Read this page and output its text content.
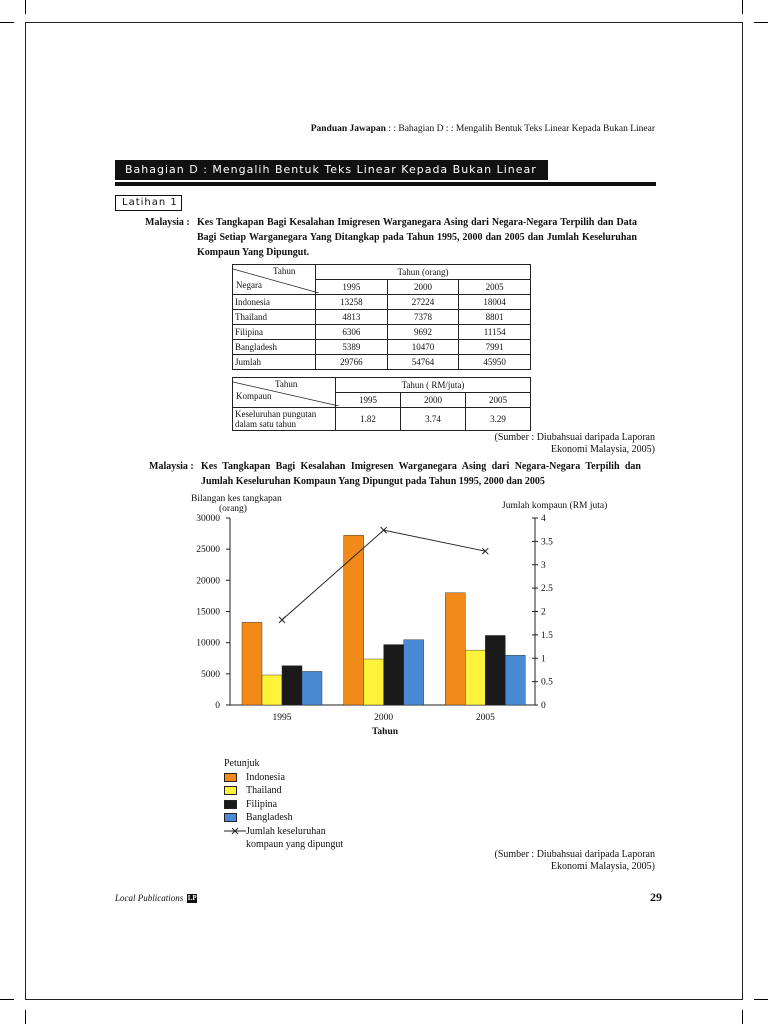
Panduan Jawapan : : Bahagian D : : Mengalih Bentuk Teks Linear Kepada Bukan Linear
Bahagian D : Mengalih Bentuk Teks Linear Kepada Bukan Linear
Latihan 1
Malaysia : Kes Tangkapan Bagi Kesalahan Imigresen Warganegara Asing dari Negara-Negara Terpilih dan Data Bagi Setiap Warganegara Yang Ditangkap pada Tahun 1995, 2000 dan 2005 dan Jumlah Keseluruhan Kompaun Yang Dipungut.
Tahun
Negara	Tahun (orang)		
	1995	2000	2005
Indonesia	13258	27224	18004
Thailand	4813	7378	8801
Filipina	6306	9692	11154
Bangladesh	5389	10470	7991
Jumlah	29766	54764	45950
Tahun
Kompaun	Tahun ( RM/juta)		
	1995	2000	2005
Keseluruhan pungutan
dalam satu tahun	1.82	3.74	3.29
(Sumber : Diubahsuai daripada Laporan
Ekonomi Malaysia, 2005)
Malaysia : Kes Tangkapan Bagi Kesalahan Imigresen Warganegara Asing dari Negara-Negara Terpilih dan Jumlah Keseluruhan Kompaun Yang Dipungut pada Tahun 1995, 2000 dan 2005
Bilangan kes tangkapan
(orang)	Jumlah kompaun (RM juta)
Tahun
0
5000
10000
15000
20000
25000
30000
0
0.5
1
1.5
2
2.5
3
3.5
4
1995	2000	2005
Petunjuk
Indonesia
Thailand
Filipina
Bangladesh
Jumlah keseluruhan
kompaun yang dipungut
(Sumber : Diubahsuai daripada Laporan
Ekonomi Malaysia, 2005)
Local Publications LP	29
